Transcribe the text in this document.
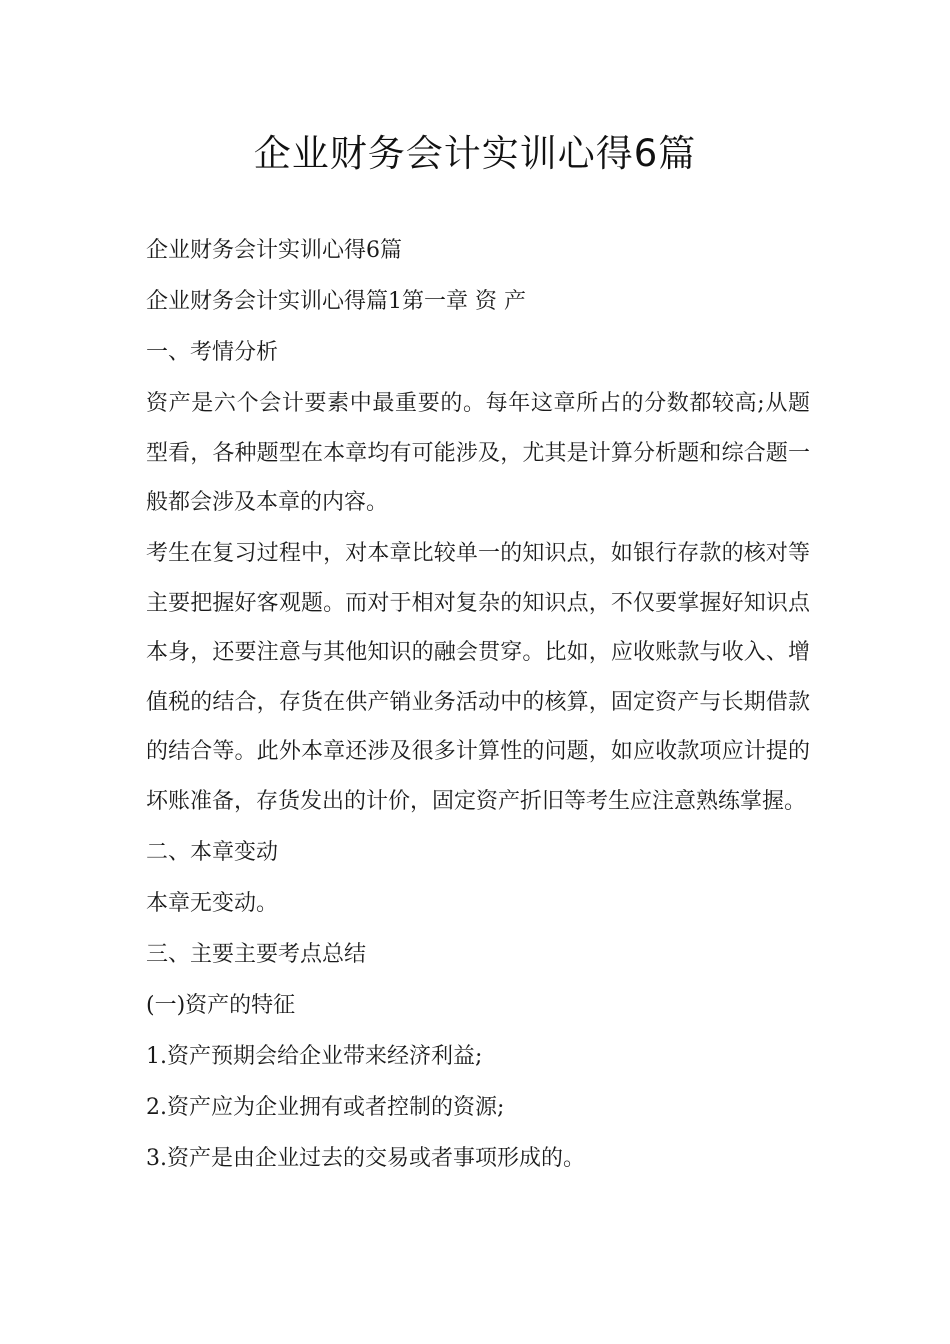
企业财务会计实训心得6篇

企业财务会计实训心得6篇

企业财务会计实训心得篇1第一章 资 产

一、考情分析

资产是六个会计要素中最重要的。每年这章所占的分数都较高;从题型看，各种题型在本章均有可能涉及，尤其是计算分析题和综合题一般都会涉及本章的内容。

考生在复习过程中，对本章比较单一的知识点，如银行存款的核对等主要把握好客观题。而对于相对复杂的知识点，不仅要掌握好知识点本身，还要注意与其他知识的融会贯穿。比如，应收账款与收入、增值税的结合，存货在供产销业务活动中的核算，固定资产与长期借款的结合等。此外本章还涉及很多计算性的问题，如应收款项应计提的坏账准备，存货发出的计价，固定资产折旧等考生应注意熟练掌握。

二、本章变动

本章无变动。

三、主要主要考点总结

(一)资产的特征

1.资产预期会给企业带来经济利益;

2.资产应为企业拥有或者控制的资源;

3.资产是由企业过去的交易或者事项形成的。
